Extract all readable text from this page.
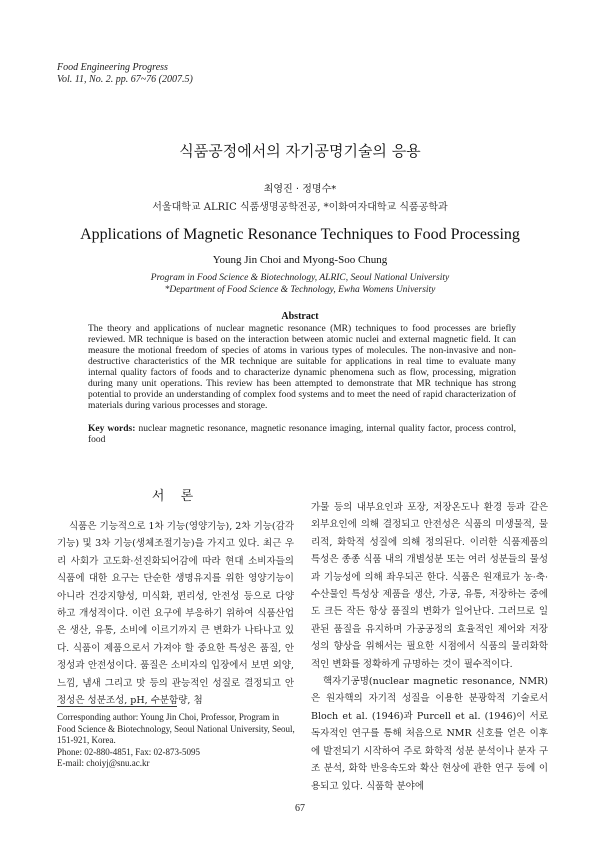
Food Engineering Progress
Vol. 11, No. 2. pp. 67~76 (2007.5)
식품공정에서의 자기공명기술의 응용
최영진 · 정명수*
서울대학교 ALRIC 식품생명공학전공, *이화여자대학교 식품공학과
Applications of Magnetic Resonance Techniques to Food Processing
Young Jin Choi and Myong-Soo Chung
Program in Food Science & Biotechnology, ALRIC, Seoul National University
*Department of Food Science & Technology, Ewha Womens University
Abstract
The theory and applications of nuclear magnetic resonance (MR) techniques to food processes are briefly reviewed. MR technique is based on the interaction between atomic nuclei and external magnetic field. It can measure the motional freedom of species of atoms in various types of molecules. The non-invasive and non-destructive characteristics of the MR technique are suitable for applications in real time to evaluate many internal quality factors of foods and to characterize dynamic phenomena such as flow, processing, migration during many unit operations. This review has been attempted to demonstrate that MR technique has strong potential to provide an understanding of complex food systems and to meet the need of rapid characterization of materials during various processes and storage.
Key words: nuclear magnetic resonance, magnetic resonance imaging, internal quality factor, process control, food
서 론

식품은 기능적으로 1차 기능(영양기능), 2차 기능(감각기능) 및 3차 기능(생체조절기능)을 가지고 있다. 최근 우리 사회가 고도화·선진화되어감에 따라 현대 소비자들의 식품에 대한 요구는 단순한 생명유지를 위한 영양기능이 아니라 건강지향성, 미식화, 편리성, 안전성 등으로 다양하고 개성적이다. 이런 요구에 부응하기 위하여 식품산업은 생산, 유통, 소비에 이르기까지 큰 변화가 나타나고 있다. 식품이 제품으로서 가져야 할 중요한 특성은 품질, 안정성과 안전성이다. 품질은 소비자의 입장에서 보면 외양, 느낌, 냄새 그리고 맛 등의 관능적인 성질로 결정되고 안정성은 성분조성, pH, 수분함량, 첨

가물 등의 내부요인과 포장, 저장온도나 환경 등과 같은 외부요인에 의해 결정되고 안전성은 식품의 미생물적, 물리적, 화학적 성질에 의해 정의된다. 이러한 식품제품의 특성은 종종 식품 내의 개별성분 또는 여러 성분들의 물성과 기능성에 의해 좌우되곤 한다. 식품은 원재료가 농·축·수산물인 특성상 제품을 생산, 가공, 유통, 저장하는 중에도 크든 작든 항상 품질의 변화가 일어난다. 그러므로 일관된 품질을 유지하며 가공공정의 효율적인 제어와 저장성의 향상을 위해서는 필요한 시점에서 식품의 물리화학적인 변화를 정확하게 규명하는 것이 필수적이다.

핵자기공명(nuclear magnetic resonance, NMR)은 원자핵의 자기적 성질을 이용한 분광학적 기술로서 Bloch et al. (1946)과 Purcell et al. (1946)이 서로 독자적인 연구를 통해 처음으로 NMR 신호를 얻은 이후에 발전되기 시작하여 주로 화학적 성분 분석이나 분자 구조 분석, 화학 반응속도와 확산 현상에 관한 연구 등에 이용되고 있다. 식품학 분야에

Corresponding author: Young Jin Choi, Professor, Program in Food Science & Biotechnology, Seoul National University, Seoul, 151-921, Korea.
Phone: 02-880-4851, Fax: 02-873-5095
E-mail: choiyj@snu.ac.kr
67
